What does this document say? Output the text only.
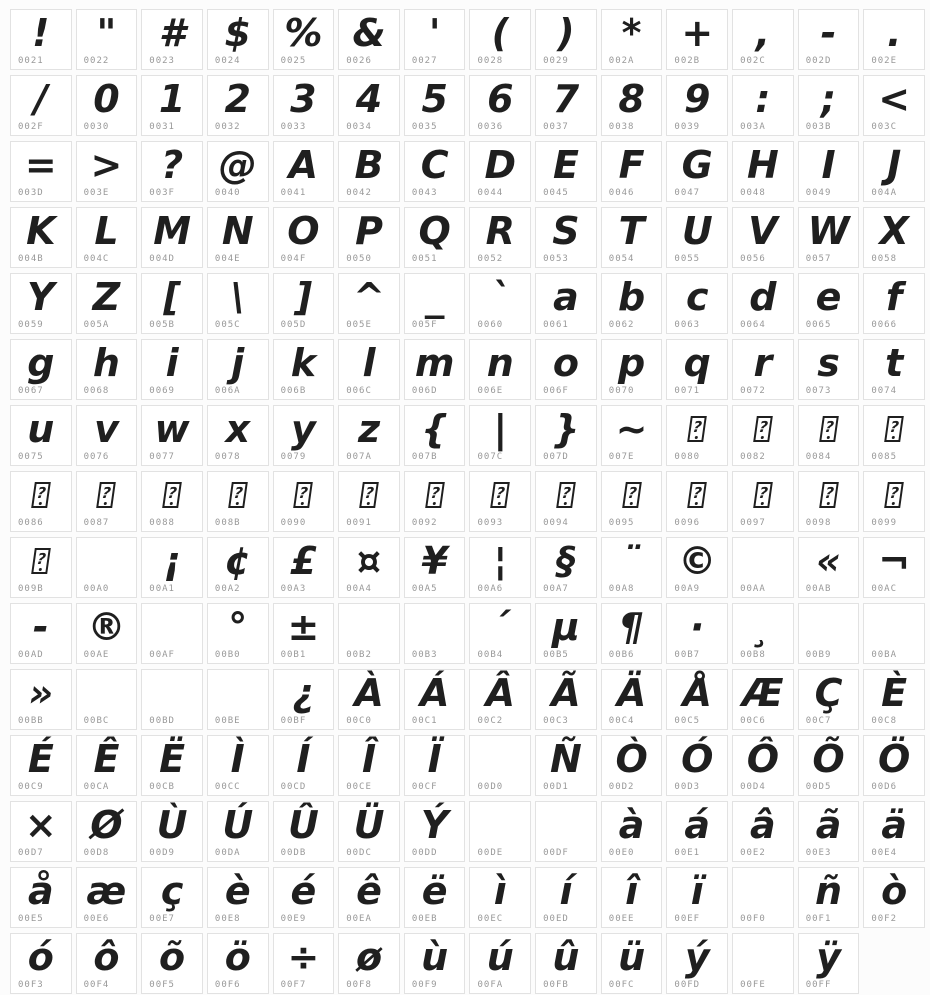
!
0021
"
0022
#
0023
$
0024
%
0025
&
0026
'
0027
(
0028
)
0029
*
002A
+
002B
,
002C
-
002D
.
002E
/
002F
0
0030
1
0031
2
0032
3
0033
4
0034
5
0035
6
0036
7
0037
8
0038
9
0039
:
003A
;
003B
<
003C
=
003D
>
003E
?
003F
@
0040
A
0041
B
0042
C
0043
D
0044
E
0045
F
0046
G
0047
H
0048
I
0049
J
004A
K
004B
L
004C
M
004D
N
004E
O
004F
P
0050
Q
0051
R
0052
S
0053
T
0054
U
0055
V
0056
W
0057
X
0058
Y
0059
Z
005A
[
005B
\
005C
]
005D
^
005E
_
005F
`
0060
a
0061
b
0062
c
0063
d
0064
e
0065
f
0066
g
0067
h
0068
i
0069
j
006A
k
006B
l
006C
m
006D
n
006E
o
006F
p
0070
q
0071
r
0072
s
0073
t
0074
u
0075
v
0076
w
0077
x
0078
y
0079
z
007A
{
007B
|
007C
}
007D
~
007E
?
0080
?
0082
?
0084
?
0085
?
0086
?
0087
?
0088
?
008B
?
0090
?
0091
?
0092
?
0093
?
0094
?
0095
?
0096
?
0097
?
0098
?
0099
?
009B	00A0
¡
00A1
¢
00A2
£
00A3
¤
00A4
¥
00A5
¦
00A6
§
00A7
¨
00A8
©
00A9	00AA
«
00AB
¬
00AC
-
00AD
®
00AE	00AF
°
00B0
±
00B1	00B2	00B3
´
00B4
µ
00B5
¶
00B6
·
00B7
¸
00B8	00B9	00BA
»
00BB	00BC	00BD	00BE
¿
00BF
À
00C0
Á
00C1
Â
00C2
Ã
00C3
Ä
00C4
Å
00C5
Æ
00C6
Ç
00C7
È
00C8
É
00C9
Ê
00CA
Ë
00CB
Ì
00CC
Í
00CD
Î
00CE
Ï
00CF	00D0
Ñ
00D1
Ò
00D2
Ó
00D3
Ô
00D4
Õ
00D5
Ö
00D6
×
00D7
Ø
00D8
Ù
00D9
Ú
00DA
Û
00DB
Ü
00DC
Ý
00DD	00DE	00DF
à
00E0
á
00E1
â
00E2
ã
00E3
ä
00E4
å
00E5
æ
00E6
ç
00E7
è
00E8
é
00E9
ê
00EA
ë
00EB
ì
00EC
í
00ED
î
00EE
ï
00EF	00F0
ñ
00F1
ò
00F2
ó
00F3
ô
00F4
õ
00F5
ö
00F6
÷
00F7
ø
00F8
ù
00F9
ú
00FA
û
00FB
ü
00FC
ý
00FD	00FE
ÿ
00FF
